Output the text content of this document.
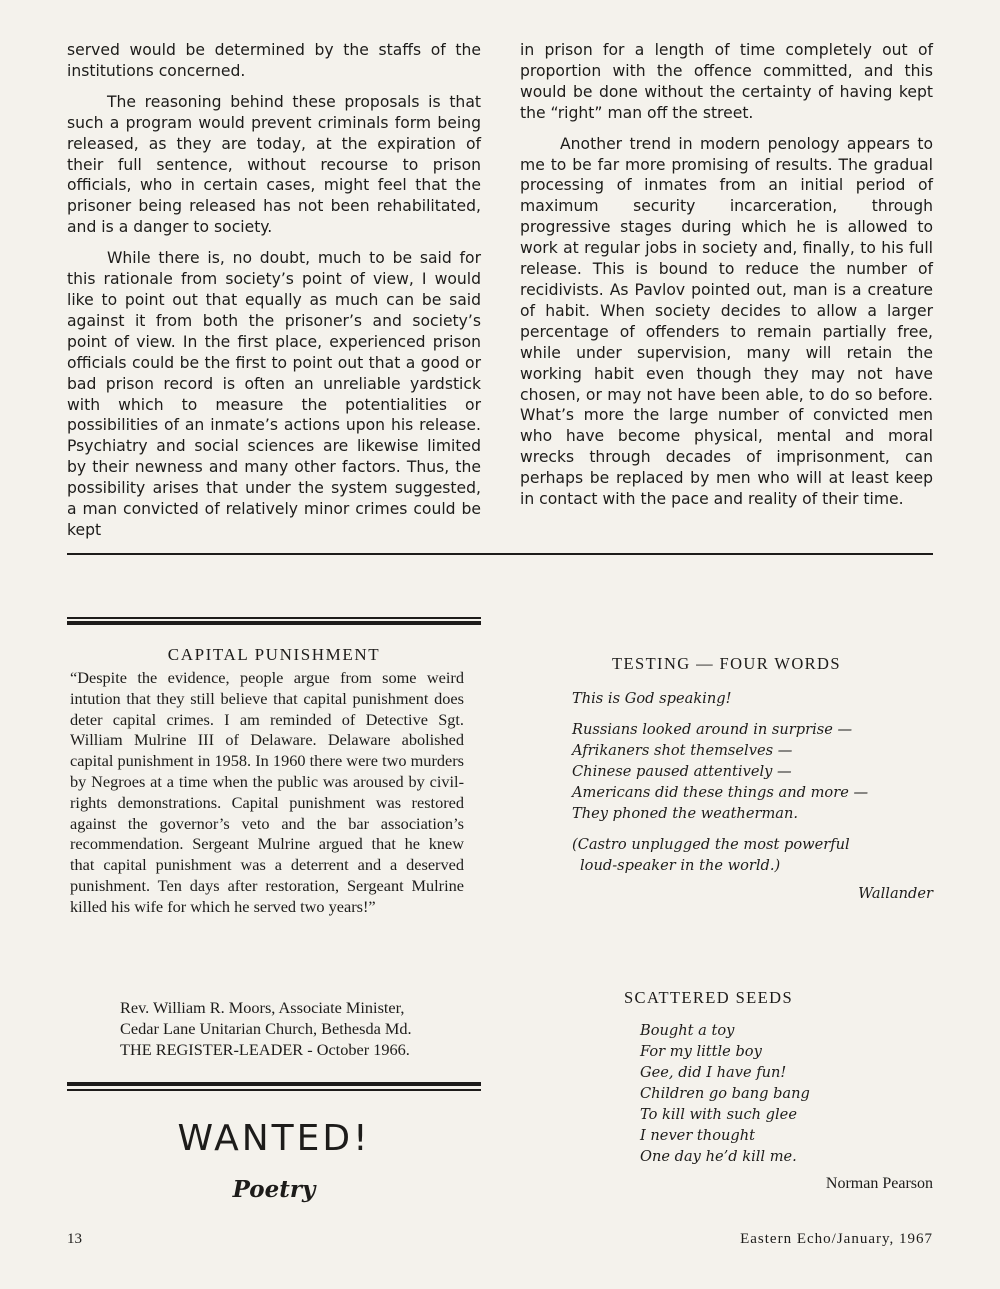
served would be determined by the staffs of the institutions concerned.

The reasoning behind these proposals is that such a program would prevent criminals form being released, as they are today, at the expiration of their full sentence, without recourse to prison officials, who in certain cases, might feel that the prisoner being released has not been rehabilitated, and is a danger to society.

While there is, no doubt, much to be said for this rationale from society’s point of view, I would like to point out that equally as much can be said against it from both the prisoner’s and society’s point of view. In the first place, experienced prison officials could be the first to point out that a good or bad prison record is often an unreliable yardstick with which to measure the potentialities or possibilities of an inmate’s actions upon his release. Psychiatry and social sciences are likewise limited by their newness and many other factors. Thus, the possibility arises that under the system suggested, a man convicted of relatively minor crimes could be kept

in prison for a length of time completely out of proportion with the offence committed, and this would be done without the certainty of having kept the “right” man off the street.

Another trend in modern penology appears to me to be far more promising of results. The gradual processing of inmates from an initial period of maximum security incarceration, through progressive stages during which he is allowed to work at regular jobs in society and, finally, to his full release. This is bound to reduce the number of recidivists. As Pavlov pointed out, man is a creature of habit. When society decides to allow a larger percentage of offenders to remain partially free, while under supervision, many will retain the working habit even though they may not have chosen, or may not have been able, to do so before. What’s more the large number of convicted men who have become physical, mental and moral wrecks through decades of imprisonment, can perhaps be replaced by men who will at least keep in contact with the pace and reality of their time.

CAPITAL PUNISHMENT

“Despite the evidence, people argue from some weird intution that they still believe that capital punishment does deter capital crimes. I am reminded of Detective Sgt. William Mulrine III of Delaware. Delaware abolished capital punishment in 1958. In 1960 there were two murders by Negroes at a time when the public was aroused by civil-rights demonstrations. Capital punishment was restored against the governor’s veto and the bar association’s recommendation. Sergeant Mulrine argued that he knew that capital punishment was a deterrent and a deserved punishment. Ten days after restoration, Sergeant Mulrine killed his wife for which he served two years!”

Rev. William R. Moors, Associate Minister,
Cedar Lane Unitarian Church, Bethesda Md.
THE REGISTER-LEADER - October 1966.
WANTED!
Poetry
TESTING — FOUR WORDS
This is God speaking!
Russians looked around in surprise —
Afrikaners shot themselves —
Chinese paused attentively —
Americans did these things and more —
They phoned the weatherman.
(Castro unplugged the most powerful
loud-speaker in the world.)
Wallander
SCATTERED SEEDS
Bought a toy
For my little boy
Gee, did I have fun!
Children go bang bang
To kill with such glee
I never thought
One day he’d kill me.
Norman Pearson
13	Eastern Echo/January, 1967
